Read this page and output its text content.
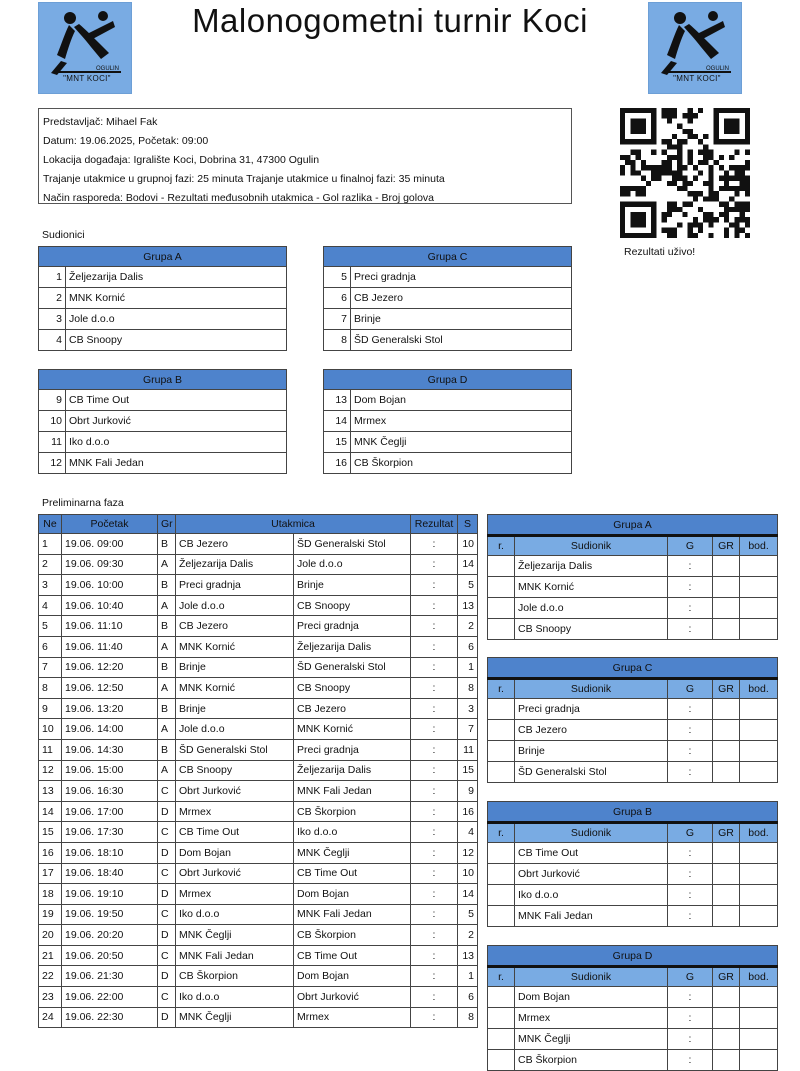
OGULIN
"MNT KOCI"
OGULIN
"MNT KOCI"
Malonogometni turnir Koci
Predstavljač: Mihael Fak
Datum: 19.06.2025, Početak: 09:00
Lokacija događaja: Igralište Koci, Dobrina 31, 47300 Ogulin
Trajanje utakmice u grupnoj fazi: 25 minuta Trajanje utakmice u finalnoj fazi: 35 minuta
Način rasporeda: Bodovi - Rezultati međusobnih utakmica - Gol razlika - Broj golova
Rezultati uživo!
Sudionici
Grupa A	
1	Željezarija Dalis
2	MNK Kornić
3	Jole d.o.o
4	CB Snoopy
Grupa C	
5	Preci gradnja
6	CB Jezero
7	Brinje
8	ŠD Generalski Stol
Grupa B	
9	CB Time Out
10	Obrt Jurković
11	Iko d.o.o
12	MNK Fali Jedan
Grupa D	
13	Dom Bojan
14	Mrmex
15	MNK Čeglji
16	CB Škorpion
Preliminarna faza
Ne	Početak	Gr	Utakmica		Rezultat	S
1	19.06. 09:00	B	CB Jezero	ŠD Generalski Stol	:	10
2	19.06. 09:30	A	Željezarija Dalis	Jole d.o.o	:	14
3	19.06. 10:00	B	Preci gradnja	Brinje	:	5
4	19.06. 10:40	A	Jole d.o.o	CB Snoopy	:	13
5	19.06. 11:10	B	CB Jezero	Preci gradnja	:	2
6	19.06. 11:40	A	MNK Kornić	Željezarija Dalis	:	6
7	19.06. 12:20	B	Brinje	ŠD Generalski Stol	:	1
8	19.06. 12:50	A	MNK Kornić	CB Snoopy	:	8
9	19.06. 13:20	B	Brinje	CB Jezero	:	3
10	19.06. 14:00	A	Jole d.o.o	MNK Kornić	:	7
11	19.06. 14:30	B	ŠD Generalski Stol	Preci gradnja	:	11
12	19.06. 15:00	A	CB Snoopy	Željezarija Dalis	:	15
13	19.06. 16:30	C	Obrt Jurković	MNK Fali Jedan	:	9
14	19.06. 17:00	D	Mrmex	CB Škorpion	:	16
15	19.06. 17:30	C	CB Time Out	Iko d.o.o	:	4
16	19.06. 18:10	D	Dom Bojan	MNK Čeglji	:	12
17	19.06. 18:40	C	Obrt Jurković	CB Time Out	:	10
18	19.06. 19:10	D	Mrmex	Dom Bojan	:	14
19	19.06. 19:50	C	Iko d.o.o	MNK Fali Jedan	:	5
20	19.06. 20:20	D	MNK Čeglji	CB Škorpion	:	2
21	19.06. 20:50	C	MNK Fali Jedan	CB Time Out	:	13
22	19.06. 21:30	D	CB Škorpion	Dom Bojan	:	1
23	19.06. 22:00	C	Iko d.o.o	Obrt Jurković	:	6
24	19.06. 22:30	D	MNK Čeglji	Mrmex	:	8
Grupa A				
r.	Sudionik	G	GR	bod.
	Željezarija Dalis	:		
	MNK Kornić	:		
	Jole d.o.o	:		
	CB Snoopy	:		
Grupa C				
r.	Sudionik	G	GR	bod.
	Preci gradnja	:		
	CB Jezero	:		
	Brinje	:		
	ŠD Generalski Stol	:		
Grupa B				
r.	Sudionik	G	GR	bod.
	CB Time Out	:		
	Obrt Jurković	:		
	Iko d.o.o	:		
	MNK Fali Jedan	:		
Grupa D				
r.	Sudionik	G	GR	bod.
	Dom Bojan	:		
	Mrmex	:		
	MNK Čeglji	:		
	CB Škorpion	:		
